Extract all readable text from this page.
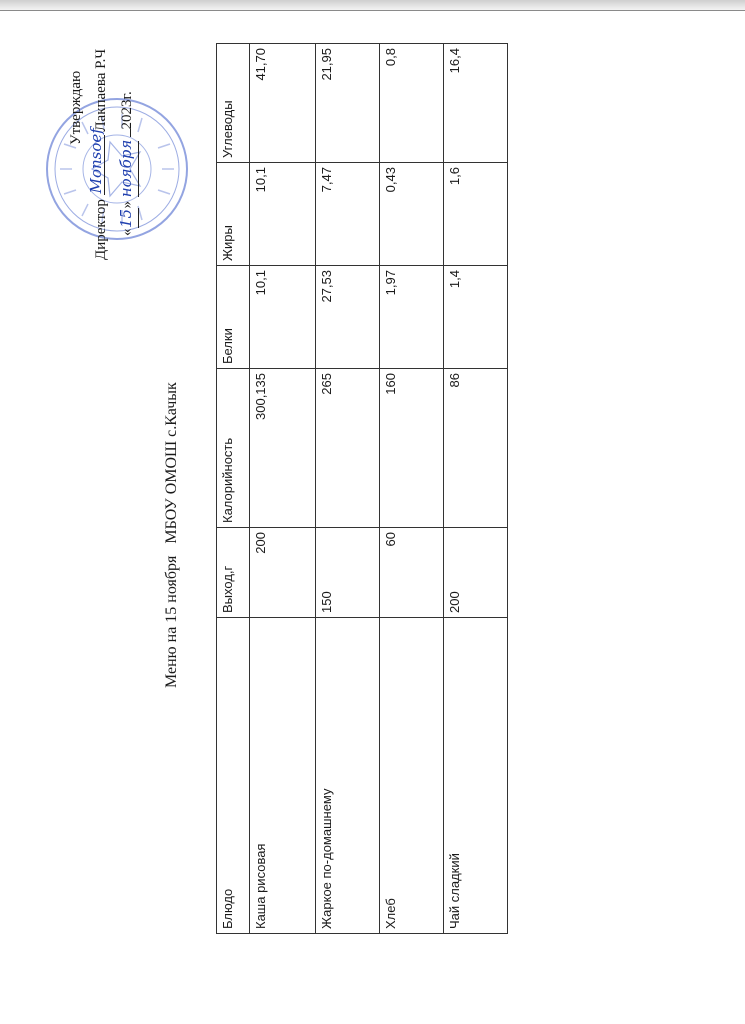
Утверждаю
Директор
Monsoef
Лакпаева Р.Ч
«15» ноября 2023г.
Меню на 15 ноября   МБОУ ОМОШ с.Качык
Блюдо	Выход,г	Калорийность	Белки	Жиры	Углеводы
Каша рисовая	200	300,135	10,1	10,1	41,70
Жаркое по-домашнему	150	265	27,53	7,47	21,95
Хлеб	60	160	1,97	0,43	0,8
Чай сладкий	200	86	1,4	1,6	16,4
